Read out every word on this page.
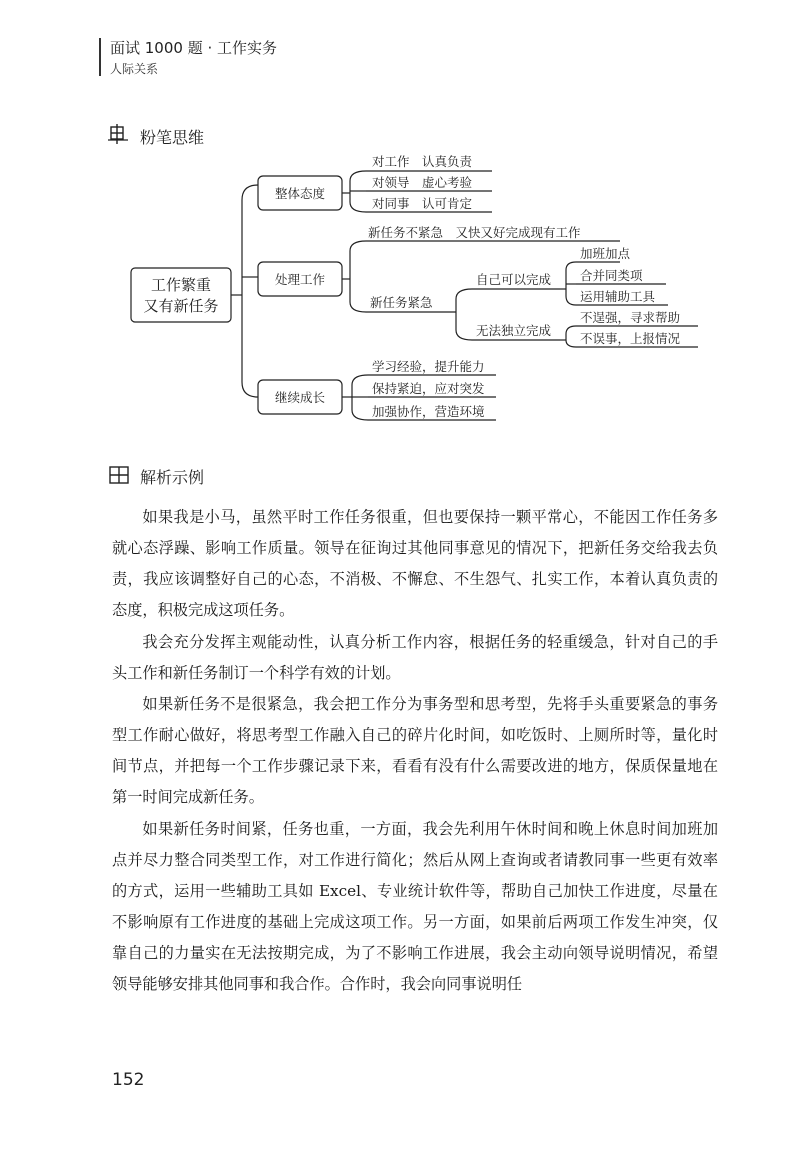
面试 1000 题 · 工作实务
人际关系
粉笔思维
工作繁重
又有新任务
整体态度
处理工作
继续成长
对工作　认真负责
对领导　虚心考验
对同事　认可肯定
新任务不紧急　又快又好完成现有工作
新任务紧急
自己可以完成
无法独立完成
加班加点
合并同类项
运用辅助工具
不逞强，寻求帮助
不误事，上报情况
学习经验，提升能力
保持紧迫，应对突发
加强协作，营造环境
解析示例

如果我是小马，虽然平时工作任务很重，但也要保持一颗平常心，不能因工作任务多就心态浮躁、影响工作质量。领导在征询过其他同事意见的情况下，把新任务交给我去负责，我应该调整好自己的心态，不消极、不懈怠、不生怨气、扎实工作，本着认真负责的态度，积极完成这项任务。

我会充分发挥主观能动性，认真分析工作内容，根据任务的轻重缓急，针对自己的手头工作和新任务制订一个科学有效的计划。

如果新任务不是很紧急，我会把工作分为事务型和思考型，先将手头重要紧急的事务型工作耐心做好，将思考型工作融入自己的碎片化时间，如吃饭时、上厕所时等，量化时间节点，并把每一个工作步骤记录下来，看看有没有什么需要改进的地方，保质保量地在第一时间完成新任务。

如果新任务时间紧，任务也重，一方面，我会先利用午休时间和晚上休息时间加班加点并尽力整合同类型工作，对工作进行简化；然后从网上查询或者请教同事一些更有效率的方式，运用一些辅助工具如 Excel、专业统计软件等，帮助自己加快工作进度，尽量在不影响原有工作进度的基础上完成这项工作。另一方面，如果前后两项工作发生冲突，仅靠自己的力量实在无法按期完成，为了不影响工作进展，我会主动向领导说明情况，希望领导能够安排其他同事和我合作。合作时，我会向同事说明任

152
